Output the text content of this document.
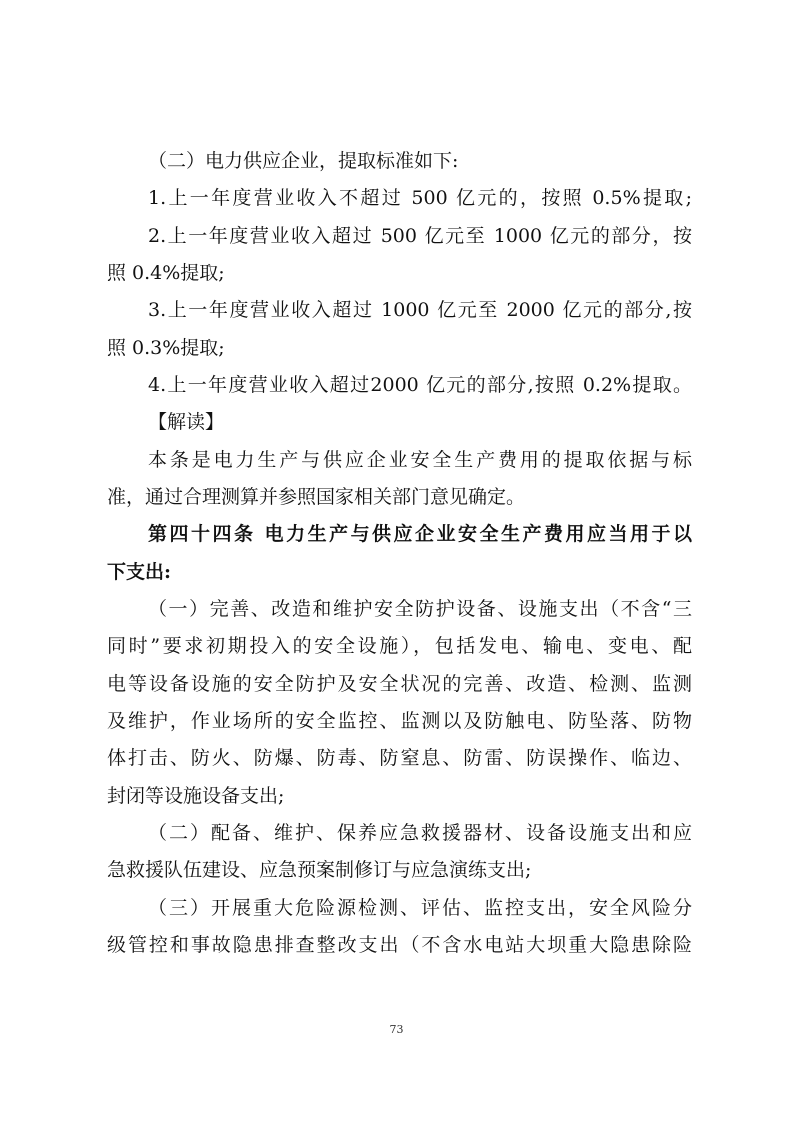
（二）电力供应企业，提取标准如下:
1.上一年度营业收入不超过 500 亿元的，按照 0.5%提取;
2.上一年度营业收入超过 500 亿元至 1000 亿元的部分，按
照 0.4%提取;
3.上一年度营业收入超过 1000 亿元至 2000 亿元的部分,按
照 0.3%提取;
4.上一年度营业收入超过2000 亿元的部分,按照 0.2%提取。
【解读】
本条是电力生产与供应企业安全生产费用的提取依据与标
准，通过合理测算并参照国家相关部门意见确定。
第四十四条 电力生产与供应企业安全生产费用应当用于以
下支出:
（一）完善、改造和维护安全防护设备、设施支出（不含“三
同时”要求初期投入的安全设施），包括发电、输电、变电、配
电等设备设施的安全防护及安全状况的完善、改造、检测、监测
及维护，作业场所的安全监控、监测以及防触电、防坠落、防物
体打击、防火、防爆、防毒、防窒息、防雷、防误操作、临边、
封闭等设施设备支出;
（二）配备、维护、保养应急救援器材、设备设施支出和应
急救援队伍建设、应急预案制修订与应急演练支出;
（三）开展重大危险源检测、评估、监控支出，安全风险分
级管控和事故隐患排查整改支出（不含水电站大坝重大隐患除险
73
